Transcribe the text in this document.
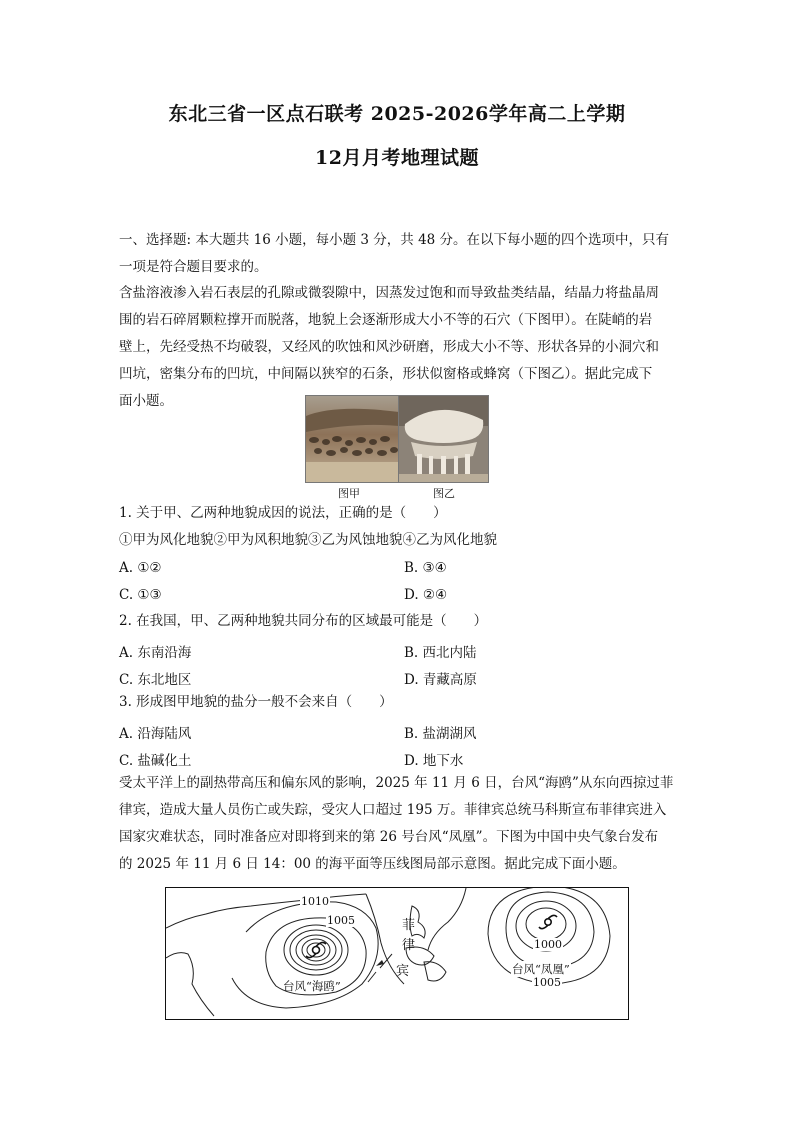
东北三省一区点石联考 2025-2026学年高二上学期
12月月考地理试题
一、选择题: 本大题共 16 小题，每小题 3 分，共 48 分。在以下每小题的四个选项中，只有
一项是符合题目要求的。
含盐溶液渗入岩石表层的孔隙或微裂隙中，因蒸发过饱和而导致盐类结晶，结晶力将盐晶周
围的岩石碎屑颗粒撑开而脱落，地貌上会逐渐形成大小不等的石穴（下图甲）。在陡峭的岩
壁上，先经受热不均破裂，又经风的吹蚀和风沙研磨，形成大小不等、形状各异的小洞穴和
凹坑，密集分布的凹坑，中间隔以狭窄的石条，形状似窗格或蜂窝（下图乙）。据此完成下
面小题。
图甲	图乙
1. 关于甲、乙两种地貌成因的说法，正确的是（　　）
①甲为风化地貌②甲为风积地貌③乙为风蚀地貌④乙为风化地貌
A. ①②	B. ③④
C. ①③	D. ②④
2. 在我国，甲、乙两种地貌共同分布的区域最可能是（　　）
A. 东南沿海	B. 西北内陆
C. 东北地区	D. 青藏高原
3. 形成图甲地貌的盐分一般不会来自（　　）
A. 沿海陆风	B. 盐湖湖风
C. 盐碱化土	D. 地下水
受太平洋上的副热带高压和偏东风的影响，2025 年 11 月 6 日，台风“海鸥”从东向西掠过菲
律宾，造成大量人员伤亡或失踪，受灾人口超过 195 万。菲律宾总统马科斯宣布菲律宾进入
国家灾难状态，同时准备应对即将到来的第 26 号台风“凤凰”。下图为中国中央气象台发布
的 2025 年 11 月 6 日 14：00 的海平面等压线图局部示意图。据此完成下面小题。
1010
1005	菲
律
宾
台风“海鸥”
1000
台风“凤凰”
1005
